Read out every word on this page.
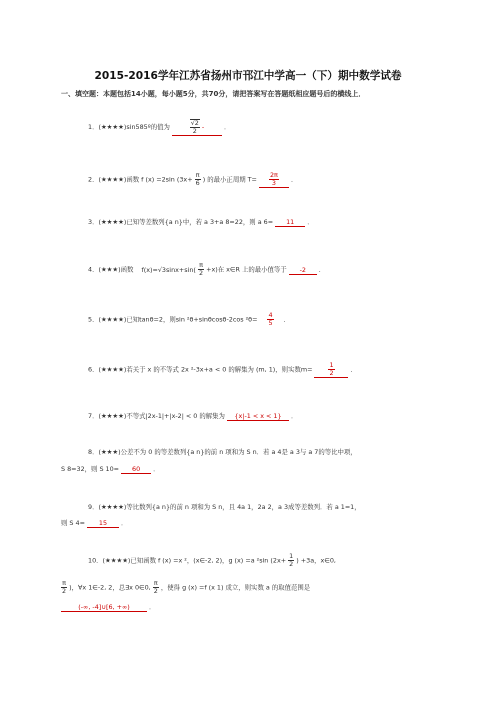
2015-2016学年江苏省扬州市邗江中学高一（下）期中数学试卷
一、填空题：本题包括14小题，每小题5分，共70分，请把答案写在答题纸相应题号后的横线上．
1．(★★★★)sin585º的值为	$\frac{√2}{2}$ -	．
2．(★★★★)函数 f (x) =2sin ($3x+ \frac{\pi}{6}$ ) 的最小正周期 $T= \frac{2\pi}{3}$ ．
3．(★★★★)已知等差数列{a n}中，若 a 3+a 8=22，则 a 6= 11 ．
4．(★★★)函数 $f(x)=√3\sin x+\sin( \frac{\pi}{2} +x)$在 x∈R 上的最小值等于 -2 ．
5．(★★★★)已知tanθ=2，则sin ²θ+sinθcosθ-2cos $^2\theta= \frac{4}{5}$ ．
6．(★★★★)若关于 x 的不等式 2x ²-3x+a < 0 的解集为 (m, 1)，则实数m=	$\frac{1}{2}$	．
7．(★★★★)不等式|2x-1|+|x-2| < 0 的解集为 {x|-1 < x < 1} ．
8．(★★★)公差不为 0 的等差数列{a n}的前 n 项和为 S n．若 a 4是 a 3与 a 7的等比中项，
S 8=32，则 S 10= 60 ．
9．(★★★★)等比数列{a n}的前 n 项和为 S n，且 4a 1，2a 2，a 3成等差数列．若 a 1=1，
则 S 4= 15 ．
10．(★★★★)已知函数 f (x) =x ²，(x∈-2, 2)，g (x) =a ²sin ($2x+ \frac{1}{2}$ ) +3a，x∈0,
$\frac{\pi}{2}$ )，∀x 1∈-2, 2，总∃x 0∈0, $\frac{\pi}{2}$ ，使得 g (x) =f (x 1) 成立，则实数 a 的取值范围是
(-∞, -4]∪[6, +∞)	．
